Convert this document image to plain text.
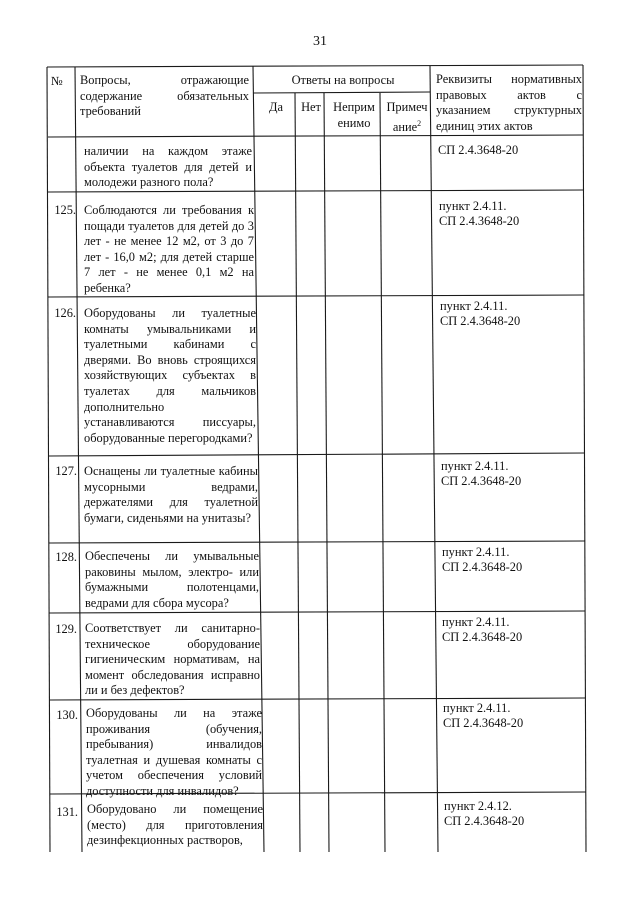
31
№	Вопросы, отражающие содержание обязательных требований
Ответы на вопросы
Да	Нет Неприм
енимо
Примеч
ание$^2$
Реквизиты нормативных правовых актов с указанием структурных единиц этих актов
наличии на каждом этаже объекта туалетов для детей и молодежи разного пола?
СП 2.4.3648-20
125. Соблюдаются ли требования к пощади туалетов для детей до 3 лет - не менее 12 м2, от 3 до 7 лет - 16,0 м2; для детей старше 7 лет - не менее 0,1 м2 на ребенка?
пункт 2.4.11.
СП 2.4.3648-20
126. Оборудованы ли туалетные комнаты умывальниками и туалетными кабинами с дверями. Во вновь строящихся хозяйствующих субъектах в туалетах для мальчиков дополнительно устанавливаются писсуары, оборудованные перегородками?
пункт 2.4.11.
СП 2.4.3648-20
127. Оснащены ли туалетные кабины мусорными ведрами, держателями для туалетной бумаги, сиденьями на унитазы?
пункт 2.4.11.
СП 2.4.3648-20
128. Обеспечены ли умывальные раковины мылом, электро- или бумажными полотенцами, ведрами для сбора мусора?
пункт 2.4.11.
СП 2.4.3648-20
129. Соответствует ли санитарно-техническое оборудование гигиеническим нормативам, на момент обследования исправно ли и без дефектов?
пункт 2.4.11.
СП 2.4.3648-20
130. Оборудованы ли на этаже проживания (обучения, пребывания) инвалидов туалетная и душевая комнаты с учетом обеспечения условий доступности для инвалидов?
пункт 2.4.11.
СП 2.4.3648-20
131. Оборудовано ли помещение (место) для приготовления дезинфекционных растворов,
пункт 2.4.12.
СП 2.4.3648-20
